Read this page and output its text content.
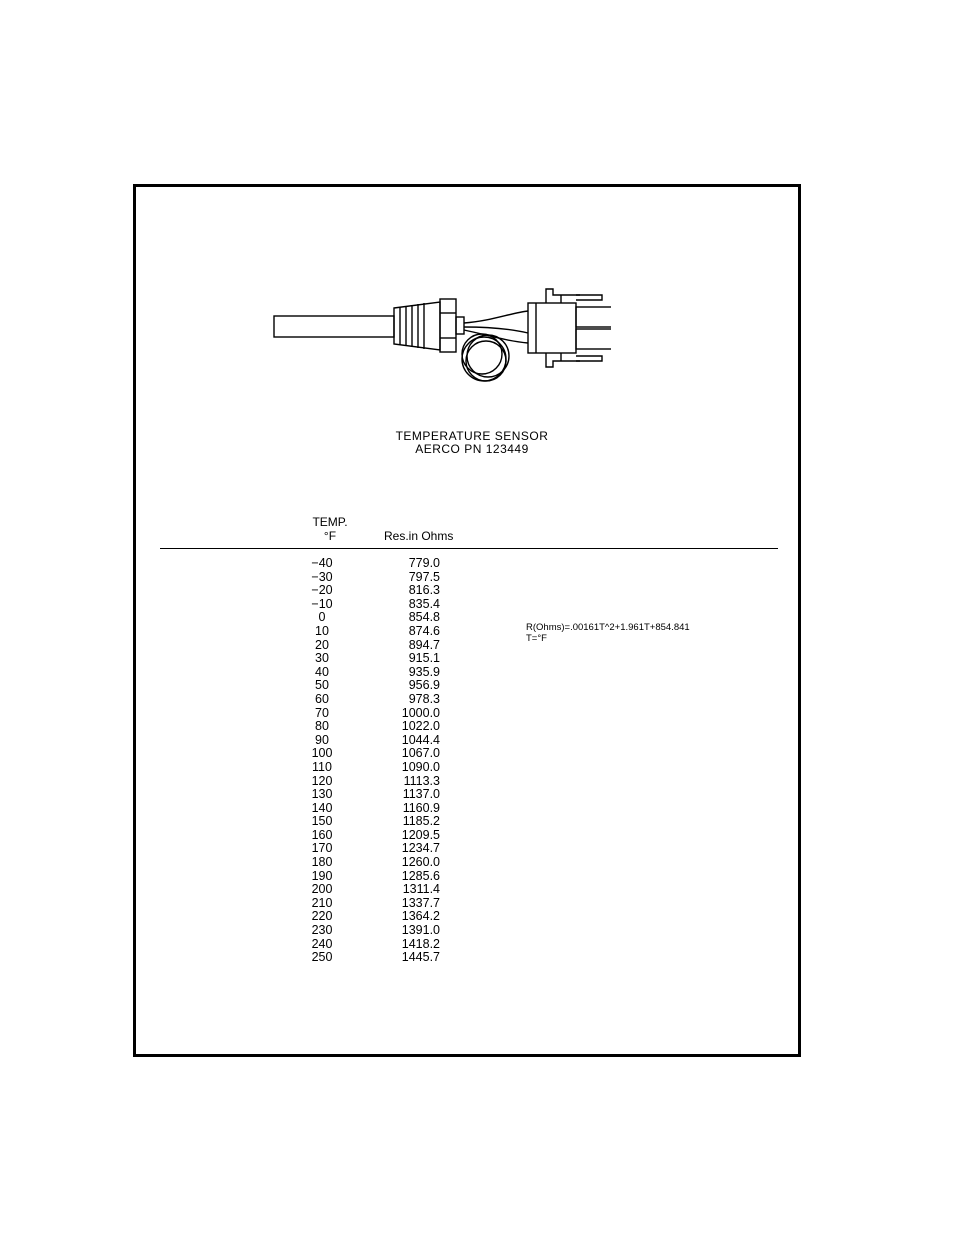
TEMPERATURE SENSOR
AERCO PN 123449
TEMP.
°F	Res.in Ohms
−40	779.0
−30	797.5
−20	816.3
−10	835.4
0	854.8
10	874.6
20	894.7
30	915.1
40	935.9
50	956.9
60	978.3
70	1000.0
80	1022.0
90	1044.4
100	1067.0
110	1090.0
120	1113.3
130	1137.0
140	1160.9
150	1185.2
160	1209.5
170	1234.7
180	1260.0
190	1285.6
200	1311.4
210	1337.7
220	1364.2
230	1391.0
240	1418.2
250	1445.7
R(Ohms)=.00161T^2+1.961T+854.841
T=°F
